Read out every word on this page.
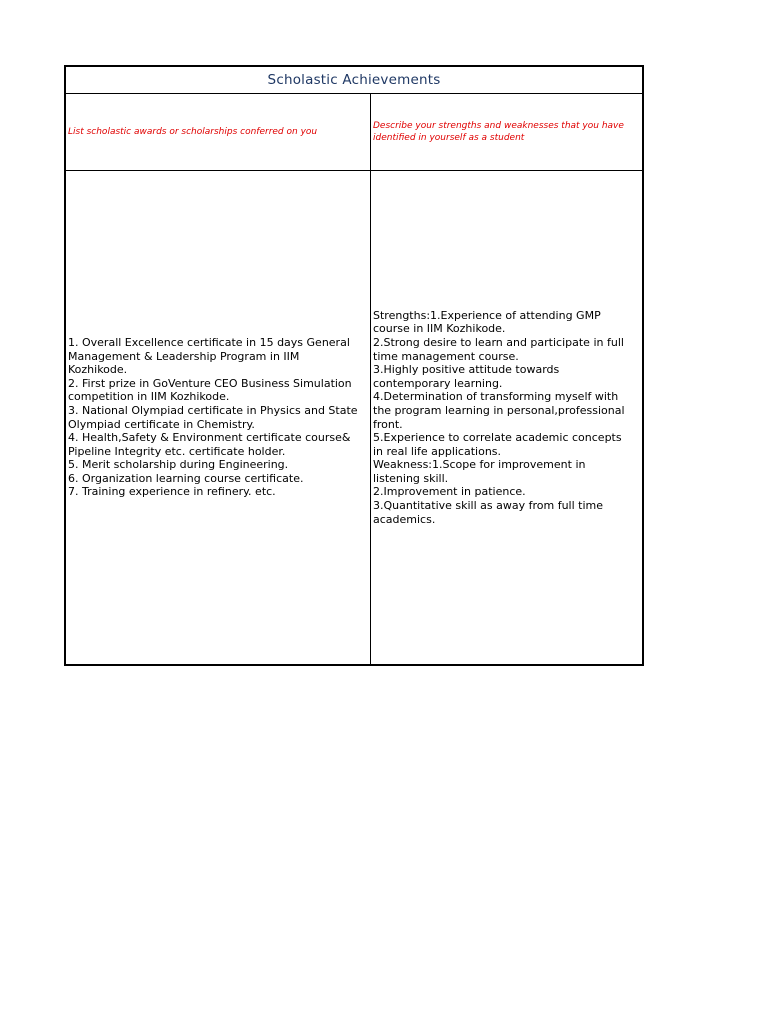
Scholastic Achievements
List scholastic awards or scholarships conferred on you
Describe your strengths and weaknesses that you have
identified in yourself as a student
1. Overall Excellence certificate in 15 days General
Management & Leadership Program in IIM
Kozhikode.
2. First prize in GoVenture CEO Business Simulation
competition in IIM Kozhikode.
3. National Olympiad certificate in Physics and State
Olympiad certificate in Chemistry.
4. Health,Safety & Environment certificate course&
Pipeline Integrity etc. certificate holder.
5. Merit scholarship during Engineering.
6. Organization learning course certificate.
7. Training experience in refinery. etc.
Strengths:1.Experience of attending GMP
course in IIM Kozhikode.
2.Strong desire to learn and participate in full
time management course.
3.Highly positive attitude towards
contemporary learning.
4.Determination of transforming myself with
the program learning in personal,professional
front.
5.Experience to correlate academic concepts
in real life applications.
Weakness:1.Scope for improvement in
listening skill.
2.Improvement in patience.
3.Quantitative skill as away from full time
academics.
